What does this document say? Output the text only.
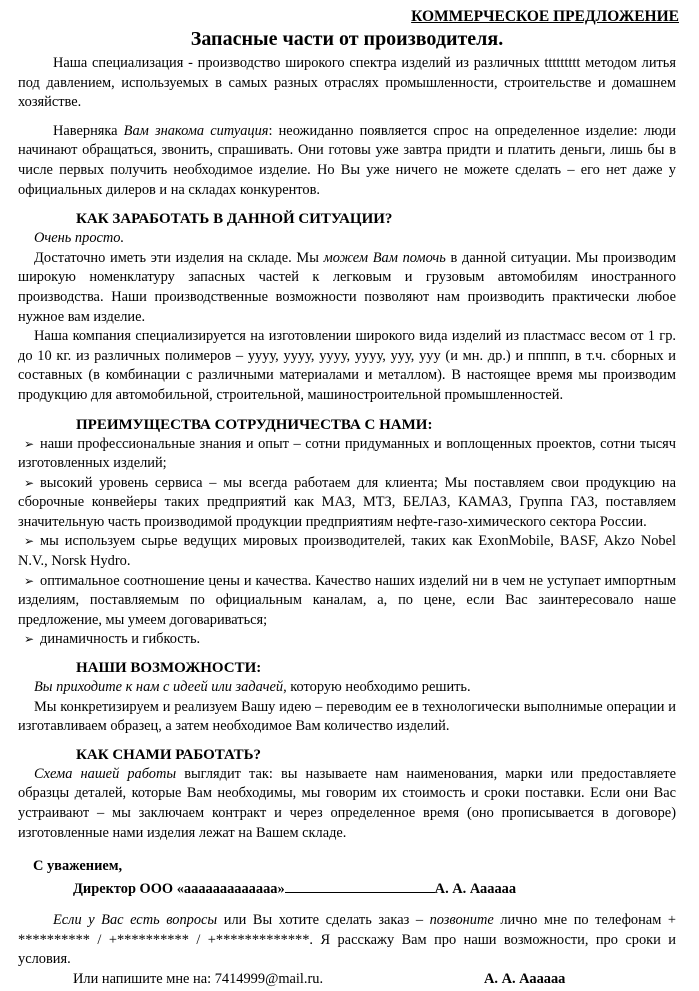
КОММЕРЧЕСКОЕ ПРЕДЛОЖЕНИЕ
Запасные части от производителя.

Наша специализация - производство широкого спектра изделий из различных ttttttttt методом литья под давлением, используемых в самых разных отраслях промышленности, строительстве и домашнем хозяйстве.

Наверняка Вам знакома ситуация: неожиданно появляется спрос на определенное изделие: люди начинают обращаться, звонить, спрашивать. Они готовы уже завтра придти и платить деньги, лишь бы в числе первых получить необходимое изделие. Но Вы уже ничего не можете сделать – его нет даже у официальных дилеров и на складах конкурентов.

КАК ЗАРАБОТАТЬ В ДАННОЙ СИТУАЦИИ?

Очень просто.

Достаточно иметь эти изделия на складе. Мы можем Вам помочь в данной ситуации. Мы производим широкую номенклатуру запасных частей к легковым и грузовым автомобилям иностранного производства. Наши производственные возможности позволяют нам производить практически любое нужное вам изделие.

Наша компания специализируется на изготовлении широкого вида изделий из пластмасс весом от 1 гр. до 10 кг. из различных полимеров – уууу, уууу, уууу, уууу, ууу, ууу (и мн. др.) и ппппп, в т.ч. сборных и составных (в комбинации с различными материалами и металлом). В настоящее время мы производим продукцию для автомобильной, строительной, машиностроительной промышленностей.

ПРЕИМУЩЕСТВА СОТРУДНИЧЕСТВА С НАМИ:

➢ наши профессиональные знания и опыт – сотни придуманных и воплощенных проектов, сотни тысяч изготовленных изделий;

➢ высокий уровень сервиса – мы всегда работаем для клиента; Мы поставляем свои продукцию на сборочные конвейеры таких предприятий как МАЗ, МТЗ, БЕЛАЗ, КАМАЗ, Группа ГАЗ, поставляем значительную часть производимой продукции предприятиям нефте-газо-химического сектора России.

➢ мы используем сырье ведущих мировых производителей, таких как ExonMobile, BASF, Akzo Nobel N.V., Norsk Hydro.

➢ оптимальное соотношение цены и качества. Качество наших изделий ни в чем не уступает импортным изделиям, поставляемым по официальным каналам, а, по цене, если Вас заинтересовало наше предложение, мы умеем договариваться;

➢ динамичность и гибкость.

НАШИ ВОЗМОЖНОСТИ:

Вы приходите к нам с идеей или задачей, которую необходимо решить.

Мы конкретизируем и реализуем Вашу идею – переводим ее в технологически выполнимые операции и изготавливаем образец, а затем необходимое Вам количество изделий.

КАК СНАМИ РАБОТАТЬ?

Схема нашей работы выглядит так: вы называете нам наименования, марки или предоставляете образцы деталей, которые Вам необходимы, мы говорим их стоимость и сроки поставки. Если они Вас устраивают – мы заключаем контракт и через определенное время (оно прописывается в договоре) изготовленные нами изделия лежат на Вашем складе.

С уважением,
Директор ООО «ааааааааааааа»	А. А. Аааааа

Если у Вас есть вопросы или Вы хотите сделать заказ – позвоните лично мне по телефонам + ********** / +********** / +*************. Я расскажу Вам про наши возможности, про сроки и условия.

Или напишите мне на: 7414999@mail.ru.	А. А. Аааааа
